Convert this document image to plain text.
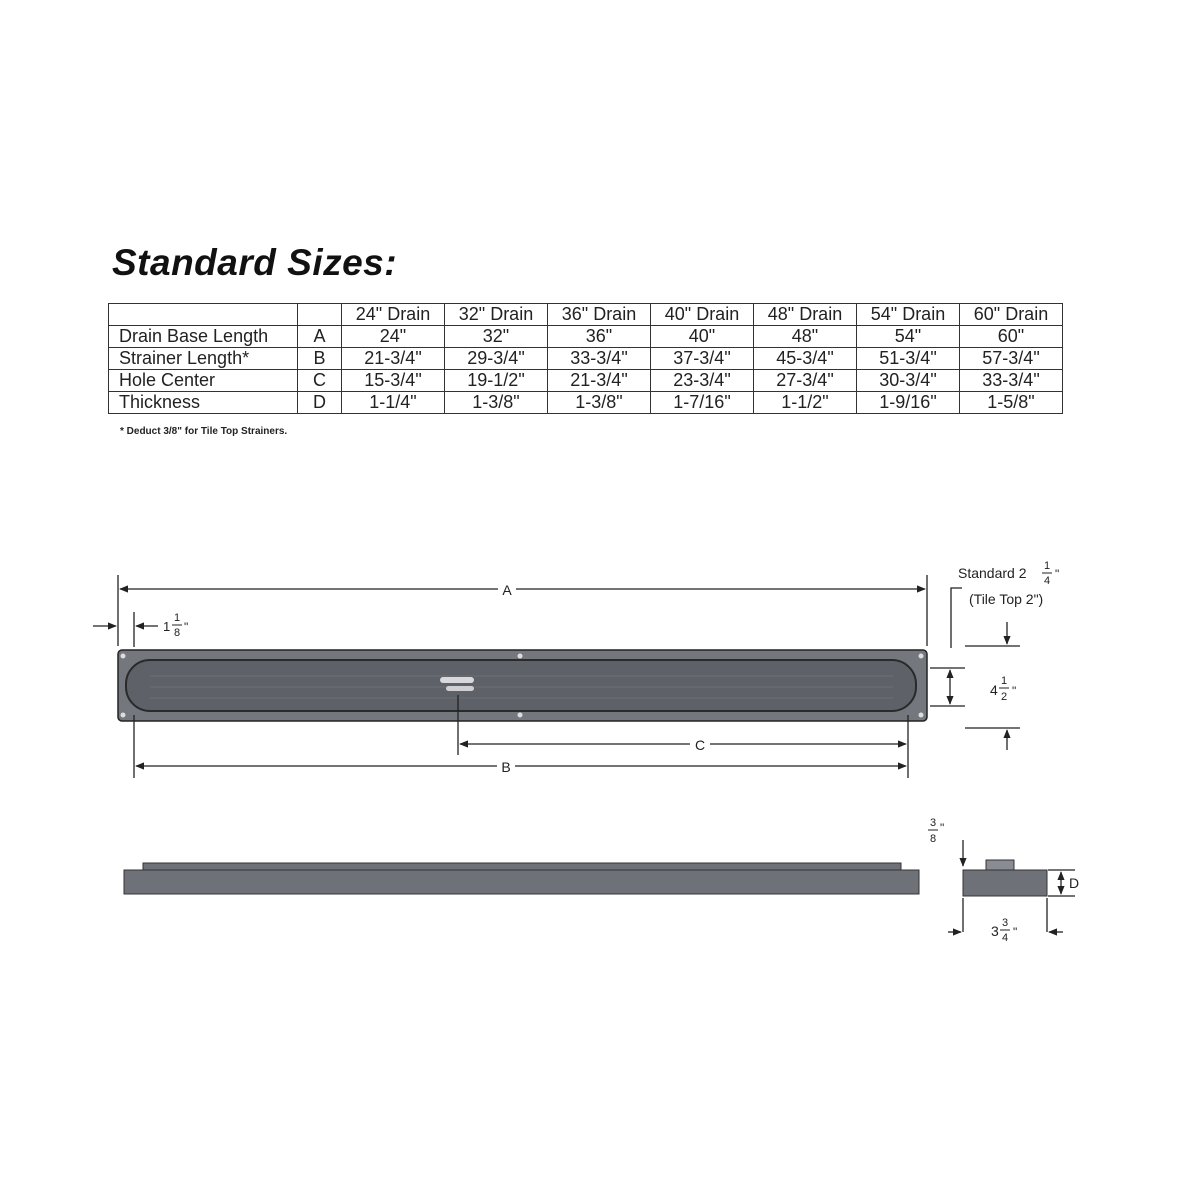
Standard Sizes:
		24" Drain	32" Drain	36" Drain	40" Drain	48" Drain	54" Drain	60" Drain
Drain Base Length	A	24"	32"	36"	40"	48"	54"	60"
Strainer Length*	B	21-3/4"	29-3/4"	33-3/4"	37-3/4"	45-3/4"	51-3/4"	57-3/4"
Hole Center	C	15-3/4"	19-1/2"	21-3/4"	23-3/4"	27-3/4"	30-3/4"	33-3/4"
Thickness	D	1-1/4"	1-3/8"	1-3/8"	1-7/16"	1-1/2"	1-9/16"	1-5/8"
* Deduct 3/8" for Tile Top Strainers.
A
1
1
8 "
C
B
4
1
2 "
Standard 2 1
4 "
(Tile Top 2")
3
8
"
D
3 3
4 "
